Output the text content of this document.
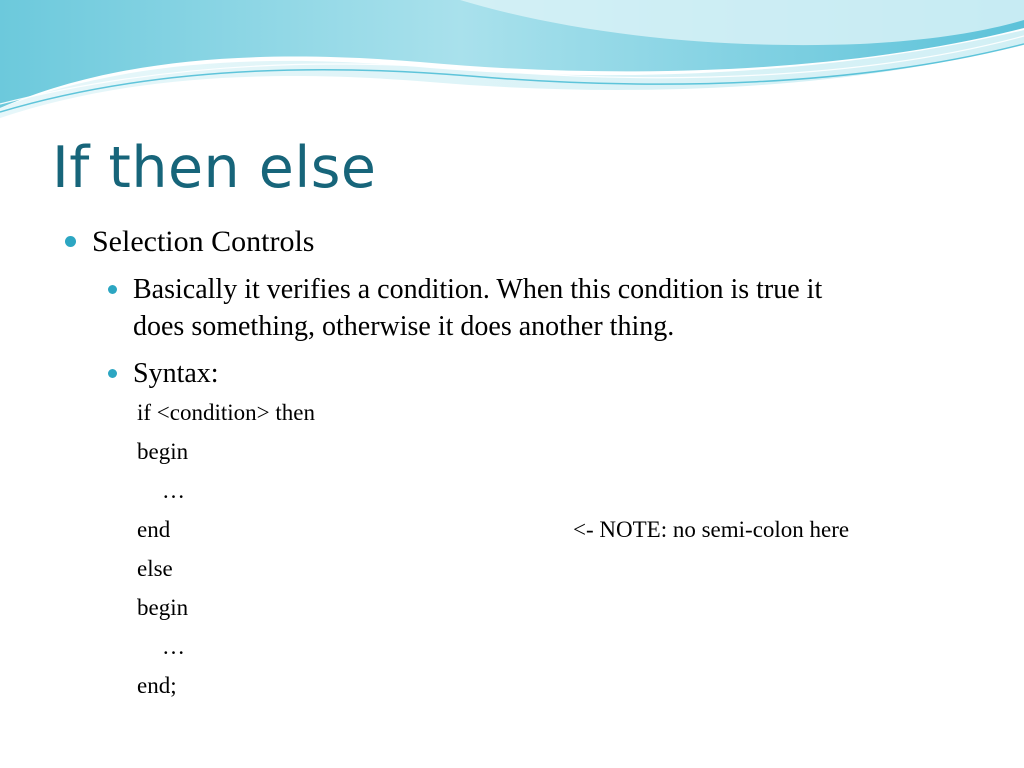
If then else
Selection Controls
Basically it verifies a condition. When this condition is true it
does something, otherwise it does another thing.
Syntax:
if <condition> then
begin
…
end	<- NOTE: no semi-colon here
else
begin
…
end;
